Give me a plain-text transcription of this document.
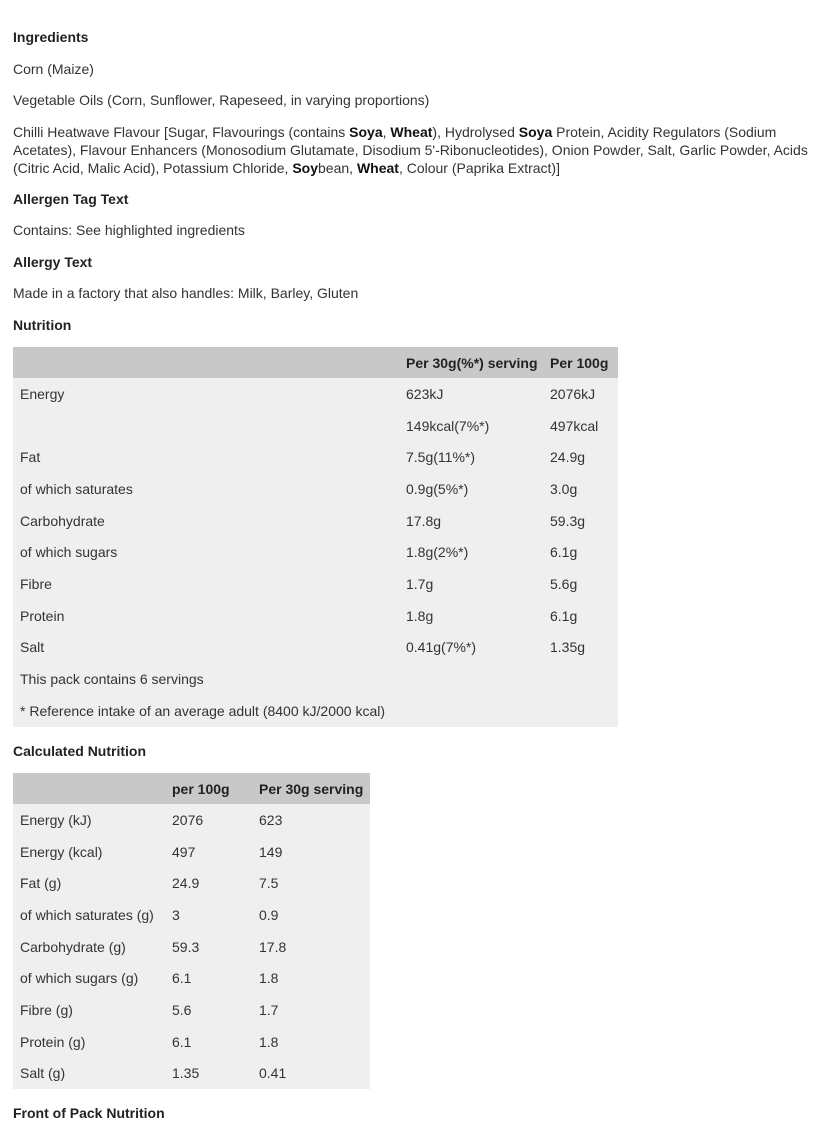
Ingredients
Corn (Maize)
Vegetable Oils (Corn, Sunflower, Rapeseed, in varying proportions)
Chilli Heatwave Flavour [Sugar, Flavourings (contains Soya, Wheat), Hydrolysed Soya Protein, Acidity Regulators (Sodium Acetates), Flavour Enhancers (Monosodium Glutamate, Disodium 5'-Ribonucleotides), Onion Powder, Salt, Garlic Powder, Acids (Citric Acid, Malic Acid), Potassium Chloride, Soybean, Wheat, Colour (Paprika Extract)]
Allergen Tag Text
Contains: See highlighted ingredients
Allergy Text
Made in a factory that also handles: Milk, Barley, Gluten
Nutrition
	Per 30g(%*) serving	Per 100g
Energy	623kJ	2076kJ
	149kcal(7%*)	497kcal
Fat	7.5g(11%*)	24.9g
of which saturates	0.9g(5%*)	3.0g
Carbohydrate	17.8g	59.3g
of which sugars	1.8g(2%*)	6.1g
Fibre	1.7g	5.6g
Protein	1.8g	6.1g
Salt	0.41g(7%*)	1.35g
This pack contains 6 servings		
* Reference intake of an average adult (8400 kJ/2000 kcal)		
Calculated Nutrition
	per 100g	Per 30g serving
Energy (kJ)	2076	623
Energy (kcal)	497	149
Fat (g)	24.9	7.5
of which saturates (g)	3	0.9
Carbohydrate (g)	59.3	17.8
of which sugars (g)	6.1	1.8
Fibre (g)	5.6	1.7
Protein (g)	6.1	1.8
Salt (g)	1.35	0.41
Front of Pack Nutrition
